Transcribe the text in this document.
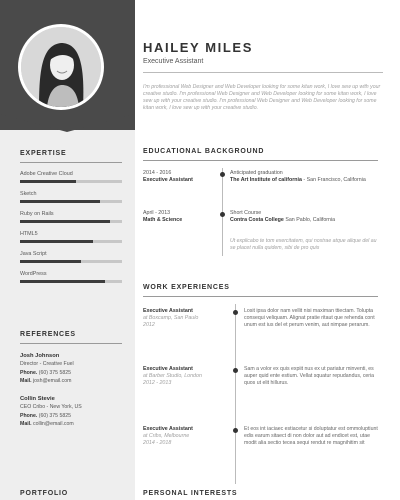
EXPERTISE
Adobe Creative Cloud
Sketch
Ruby on Rails
HTML5
Java Script
WordPress
REFERENCES
Josh Johnson
Director - Creative Fuel
Phone. (60) 375 5825
Mail. josh@email.com
Collin Stevie
CEO Cribo - New York, US
Phone. (60) 375 5825
Mail. collin@email.com
PORTFOLIO
HAILEY MILES
Executive Assistant
I'm professional Web Designer and Web Developer looking for some kitan work, I love sew up with your creative studio. I'm professional Web Designer and Web Developer looking for some kitan work, I love sew up with your creative studio. I'm professional Web Designer and Web Developer looking for some kitan work, I love sew up with your creative studio.
EDUCATIONAL BACKGROUND
2014 - 2016
Executive Assistant
Anticipated graduation
The Art Institute of california - San Francisco, California
April - 2013
Math & Science
Short Course
Contra Costa College San Pablo, California
Ut explicabo te tom exercitatem, qui nostrae atque alique del au se placet nulla quidem, sibi de pro quis
WORK EXPERIENCES
Executive Assistant
at Boxcamp, San Paulo
2012
Losit ipsa dolor nam vellit nisi maximan ttiectam. Tolupta consequi veliquam. Alignat pratie ritaut que rehenda cont unum est ius del et perum venim, aut nimpae perarum.
Executive Assistant
at Barber Studio, London
2012 - 2013
Sam a volor ex quis expiit nus ex ut pariatur minventi, es auper quid ente estium. Vellat squatur repudandus, ceria quos ut elit hillurus.
Executive Assistant
at Cribs, Melbourne
2014 - 2018
Et eos int iaciaec estiacetur si doluptatur est ommoluptiunt edis earum sitaect di non dolor aut ad endicet est, utae modit alia sectio tecea sequi rendut re magnihitim sit
PERSONAL INTERESTS
